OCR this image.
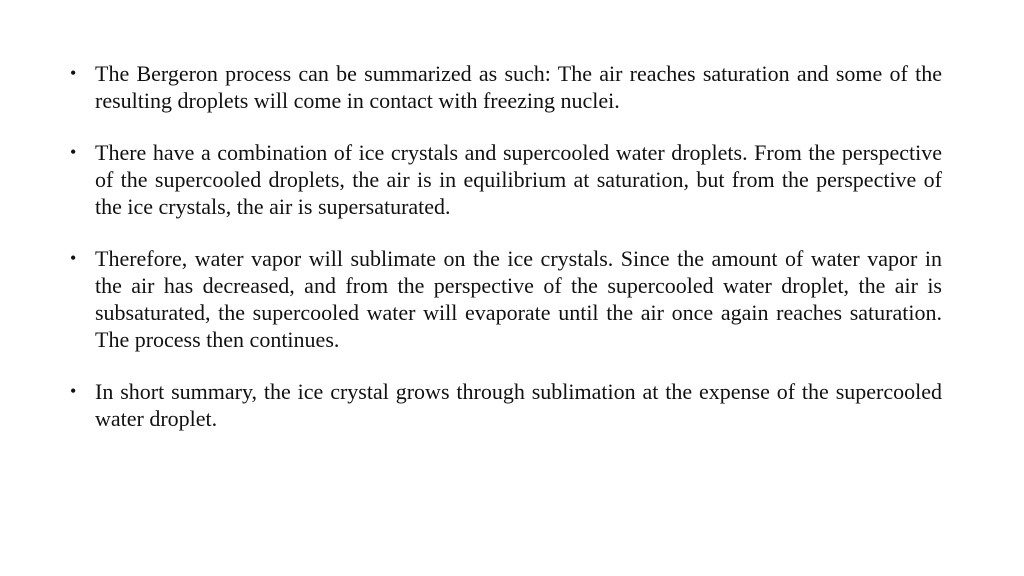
• The Bergeron process can be summarized as such: The air reaches saturation and some of the resulting droplets will come in contact with freezing nuclei.
• There have a combination of ice crystals and supercooled water droplets. From the perspective of the supercooled droplets, the air is in equilibrium at saturation, but from the perspective of the ice crystals, the air is supersaturated.
• Therefore, water vapor will sublimate on the ice crystals. Since the amount of water vapor in the air has decreased, and from the perspective of the supercooled water droplet, the air is subsaturated, the supercooled water will evaporate until the air once again reaches saturation. The process then continues.
• In short summary, the ice crystal grows through sublimation at the expense of the supercooled water droplet.
